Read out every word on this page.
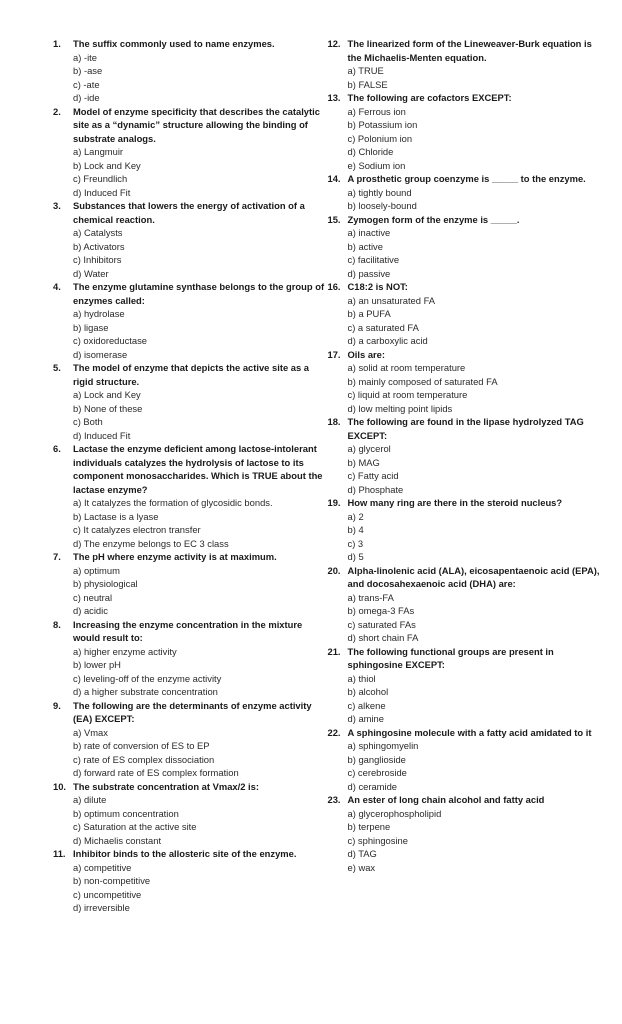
1.	The suffix commonly used to name enzymes.
a) -ite
b) -ase
c) -ate
d) -ide
2.	Model of enzyme specificity that describes the catalytic site as a “dynamic” structure allowing the binding of substrate analogs.
a) Langmuir
b) Lock and Key
c) Freundlich
d) Induced Fit
3.	Substances that lowers the energy of activation of a chemical reaction.
a) Catalysts
b) Activators
c) Inhibitors
d) Water
4.	The enzyme glutamine synthase belongs to the group of enzymes called:
a) hydrolase
b) ligase
c) oxidoreductase
d) isomerase
5.	The model of enzyme that depicts the active site as a rigid structure.
a) Lock and Key
b) None of these
c) Both
d) Induced Fit
6.	Lactase the enzyme deficient among lactose-intolerant individuals catalyzes the hydrolysis of lactose to its component monosaccharides. Which is TRUE about the lactase enzyme?
a) It catalyzes the formation of glycosidic bonds.
b) Lactase is a lyase
c) It catalyzes electron transfer
d) The enzyme belongs to EC 3 class
7.	The pH where enzyme activity is at maximum.
a) optimum
b) physiological
c) neutral
d) acidic
8.	Increasing the enzyme concentration in the mixture would result to:
a) higher enzyme activity
b) lower pH
c) leveling-off of the enzyme activity
d) a higher substrate concentration
9.	The following are the determinants of enzyme activity (EA) EXCEPT:
a) Vmax
b) rate of conversion of ES to EP
c) rate of ES complex dissociation
d) forward rate of ES complex formation
10. The substrate concentration at Vmax/2 is:
a) dilute
b) optimum concentration
c) Saturation at the active site
d) Michaelis constant
11. Inhibitor binds to the allosteric site of the enzyme.
a) competitive
b) non-competitive
c) uncompetitive
d) irreversible
12. The linearized form of the Lineweaver-Burk equation is the Michaelis-Menten equation.
a) TRUE
b) FALSE
13. The following are cofactors EXCEPT:
a) Ferrous ion
b) Potassium ion
c) Polonium ion
d) Chloride
e) Sodium ion
14. A prosthetic group coenzyme is _____ to the enzyme.
a) tightly bound
b) loosely-bound
15. Zymogen form of the enzyme is _____.
a) inactive
b) active
c) facilitative
d) passive
16. C18:2 is NOT:
a) an unsaturated FA
b) a PUFA
c) a saturated FA
d) a carboxylic acid
17. Oils are:
a) solid at room temperature
b) mainly composed of saturated FA
c) liquid at room temperature
d) low melting point lipids
18. The following are found in the lipase hydrolyzed TAG EXCEPT:
a) glycerol
b) MAG
c) Fatty acid
d) Phosphate
19. How many ring are there in the steroid nucleus?
a) 2
b) 4
c) 3
d) 5
20. Alpha-linolenic acid (ALA), eicosapentaenoic acid (EPA), and docosahexaenoic acid (DHA) are:
a) trans-FA
b) omega-3 FAs
c) saturated FAs
d) short chain FA
21. The following functional groups are present in sphingosine EXCEPT:
a) thiol
b) alcohol
c) alkene
d) amine
22. A sphingosine molecule with a fatty acid amidated to it
a) sphingomyelin
b) ganglioside
c) cerebroside
d) ceramide
23. An ester of long chain alcohol and fatty acid
a) glycerophospholipid
b) terpene
c) sphingosine
d) TAG
e) wax
